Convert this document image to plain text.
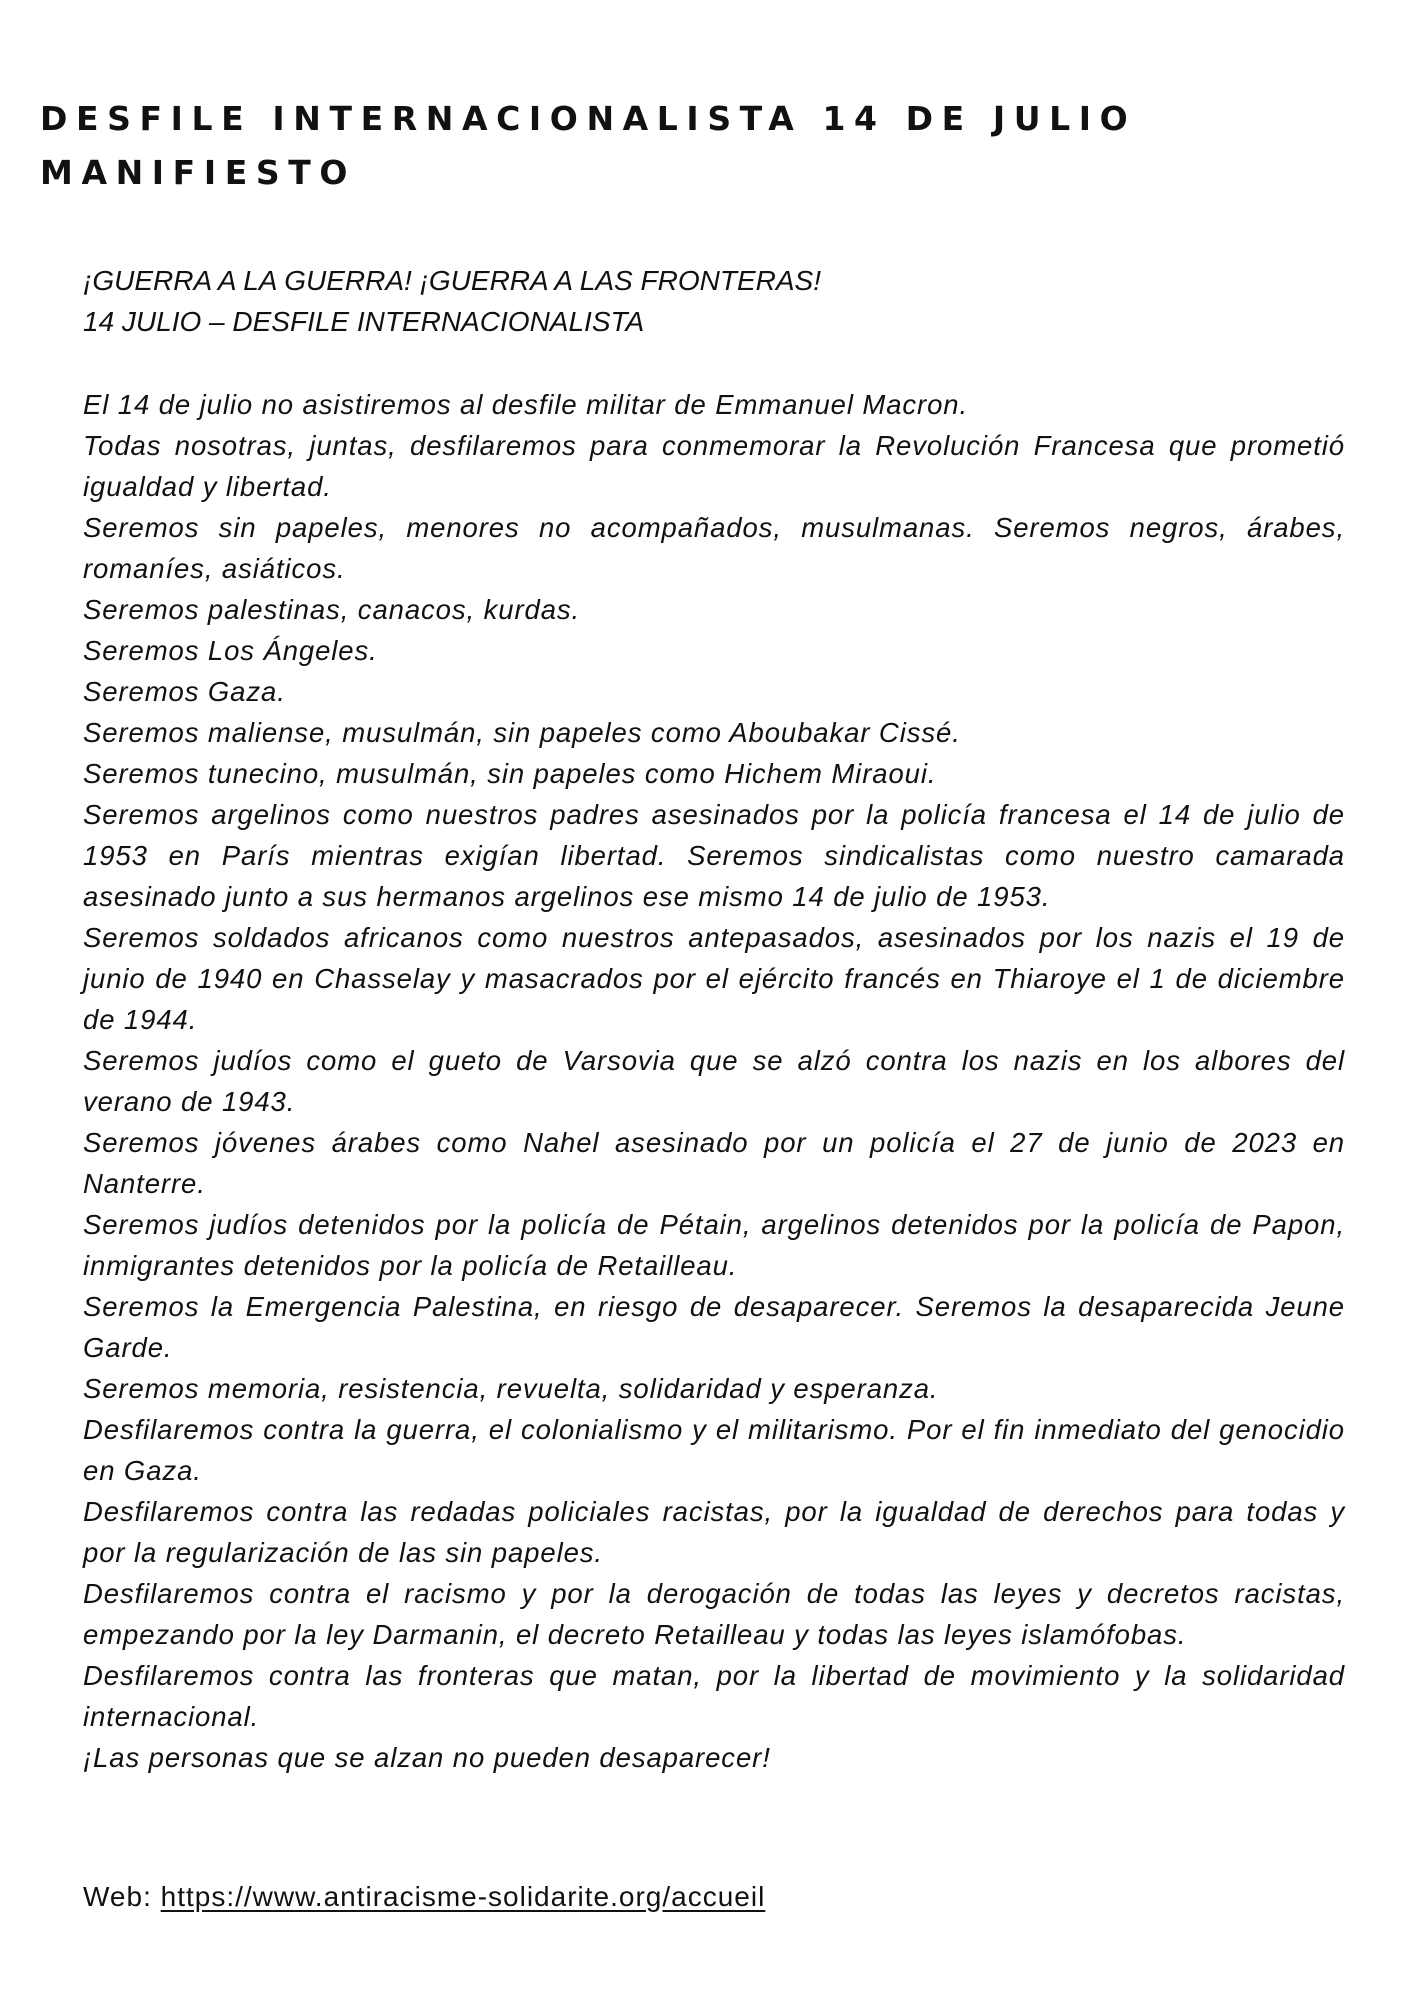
DESFILE INTERNACIONALISTA 14 DE JULIO
MANIFIESTO
¡GUERRA A LA GUERRA! ¡GUERRA A LAS FRONTERAS!
14 JULIO – DESFILE INTERNACIONALISTA

El 14 de julio no asistiremos al desfile militar de Emmanuel Macron.

Todas nosotras, juntas, desfilaremos para conmemorar la Revolución Francesa que prometió igualdad y libertad.

Seremos sin papeles, menores no acompañados, musulmanas. Seremos negros, árabes, romaníes, asiáticos.

Seremos palestinas, canacos, kurdas.

Seremos Los Ángeles.

Seremos Gaza.

Seremos maliense, musulmán, sin papeles como Aboubakar Cissé.

Seremos tunecino, musulmán, sin papeles como Hichem Miraoui.

Seremos argelinos como nuestros padres asesinados por la policía francesa el 14 de julio de 1953 en París mientras exigían libertad. Seremos sindicalistas como nuestro camarada asesinado junto a sus hermanos argelinos ese mismo 14 de julio de 1953.

Seremos soldados africanos como nuestros antepasados, asesinados por los nazis el 19 de junio de 1940 en Chasselay y masacrados por el ejército francés en Thiaroye el 1 de diciembre de 1944.

Seremos judíos como el gueto de Varsovia que se alzó contra los nazis en los albores del verano de 1943.

Seremos jóvenes árabes como Nahel asesinado por un policía el 27 de junio de 2023 en Nanterre.

Seremos judíos detenidos por la policía de Pétain, argelinos detenidos por la policía de Papon, inmigrantes detenidos por la policía de Retailleau.

Seremos la Emergencia Palestina, en riesgo de desaparecer. Seremos la desaparecida Jeune Garde.

Seremos memoria, resistencia, revuelta, solidaridad y esperanza.

Desfilaremos contra la guerra, el colonialismo y el militarismo. Por el fin inmediato del genocidio en Gaza.

Desfilaremos contra las redadas policiales racistas, por la igualdad de derechos para todas y por la regularización de las sin papeles.

Desfilaremos contra el racismo y por la derogación de todas las leyes y decretos racistas, empezando por la ley Darmanin, el decreto Retailleau y todas las leyes islamófobas.

Desfilaremos contra las fronteras que matan, por la libertad de movimiento y la solidaridad internacional.

¡Las personas que se alzan no pueden desaparecer!

Web: https://www.antiracisme-solidarite.org/accueil
